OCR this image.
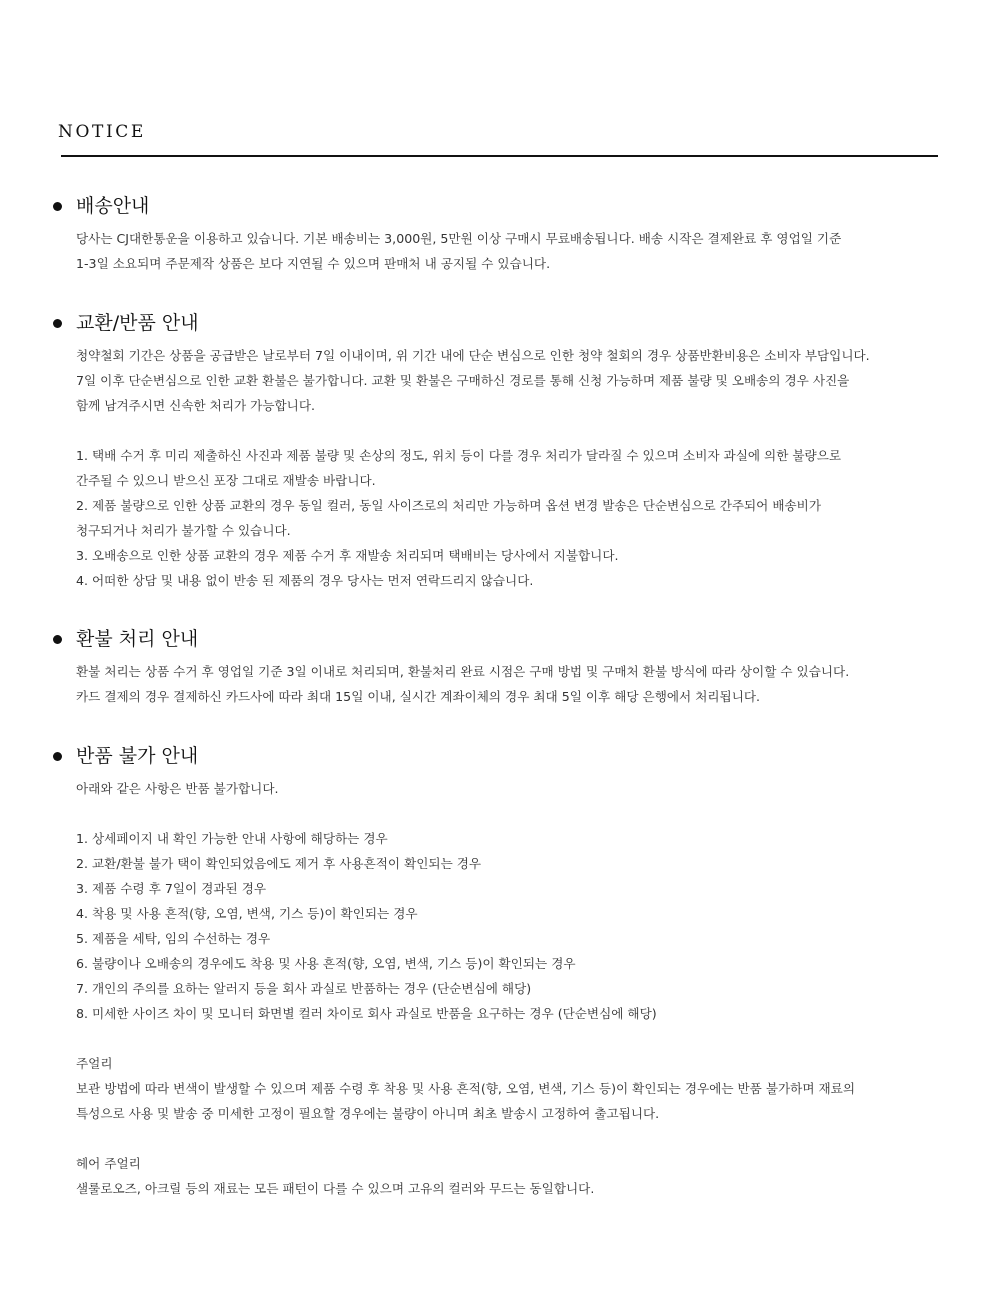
NOTICE
배송안내
당사는 CJ대한통운을 이용하고 있습니다. 기본 배송비는 3,000원, 5만원 이상 구매시 무료배송됩니다. 배송 시작은 결제완료 후 영업일 기준
1-3일 소요되며 주문제작 상품은 보다 지연될 수 있으며 판매처 내 공지될 수 있습니다.
교환/반품 안내
청약철회 기간은 상품을 공급받은 날로부터 7일 이내이며, 위 기간 내에 단순 변심으로 인한 청약 철회의 경우 상품반환비용은 소비자 부담입니다.
7일 이후 단순변심으로 인한 교환 환불은 불가합니다. 교환 및 환불은 구매하신 경로를 통해 신청 가능하며 제품 불량 및 오배송의 경우 사진을
함께 남겨주시면 신속한 처리가 가능합니다.
1. 택배 수거 후 미리 제출하신 사진과 제품 불량 및 손상의 정도, 위치 등이 다를 경우 처리가 달라질 수 있으며 소비자 과실에 의한 불량으로
간주될 수 있으니 받으신 포장 그대로 재발송 바랍니다.
2. 제품 불량으로 인한 상품 교환의 경우 동일 컬러, 동일 사이즈로의 처리만 가능하며 옵션 변경 발송은 단순변심으로 간주되어 배송비가
청구되거나 처리가 불가할 수 있습니다.
3. 오배송으로 인한 상품 교환의 경우 제품 수거 후 재발송 처리되며 택배비는 당사에서 지불합니다.
4. 어떠한 상담 및 내용 없이 반송 된 제품의 경우 당사는 먼저 연락드리지 않습니다.
환불 처리 안내
환불 처리는 상품 수거 후 영업일 기준 3일 이내로 처리되며, 환불처리 완료 시점은 구매 방법 및 구매처 환불 방식에 따라 상이할 수 있습니다.
카드 결제의 경우 결제하신 카드사에 따라 최대 15일 이내, 실시간 계좌이체의 경우 최대 5일 이후 해당 은행에서 처리됩니다.
반품 불가 안내
아래와 같은 사항은 반품 불가합니다.
1. 상세페이지 내 확인 가능한 안내 사항에 해당하는 경우
2. 교환/환불 불가 택이 확인되었음에도 제거 후 사용흔적이 확인되는 경우
3. 제품 수령 후 7일이 경과된 경우
4. 착용 및 사용 흔적(향, 오염, 변색, 기스 등)이 확인되는 경우
5. 제품을 세탁, 임의 수선하는 경우
6. 불량이나 오배송의 경우에도 착용 및 사용 흔적(향, 오염, 변색, 기스 등)이 확인되는 경우
7. 개인의 주의를 요하는 알러지 등을 회사 과실로 반품하는 경우 (단순변심에 해당)
8. 미세한 사이즈 차이 및 모니터 화면별 컬러 차이로 회사 과실로 반품을 요구하는 경우 (단순변심에 해당)
주얼리
보관 방법에 따라 변색이 발생할 수 있으며 제품 수령 후 착용 및 사용 흔적(향, 오염, 변색, 기스 등)이 확인되는 경우에는 반품 불가하며 재료의
특성으로 사용 및 발송 중 미세한 고정이 필요할 경우에는 불량이 아니며 최초 발송시 고정하여 출고됩니다.
헤어 주얼리
샐룰로오즈, 아크릴 등의 재료는 모든 패턴이 다를 수 있으며 고유의 컬러와 무드는 동일합니다.
